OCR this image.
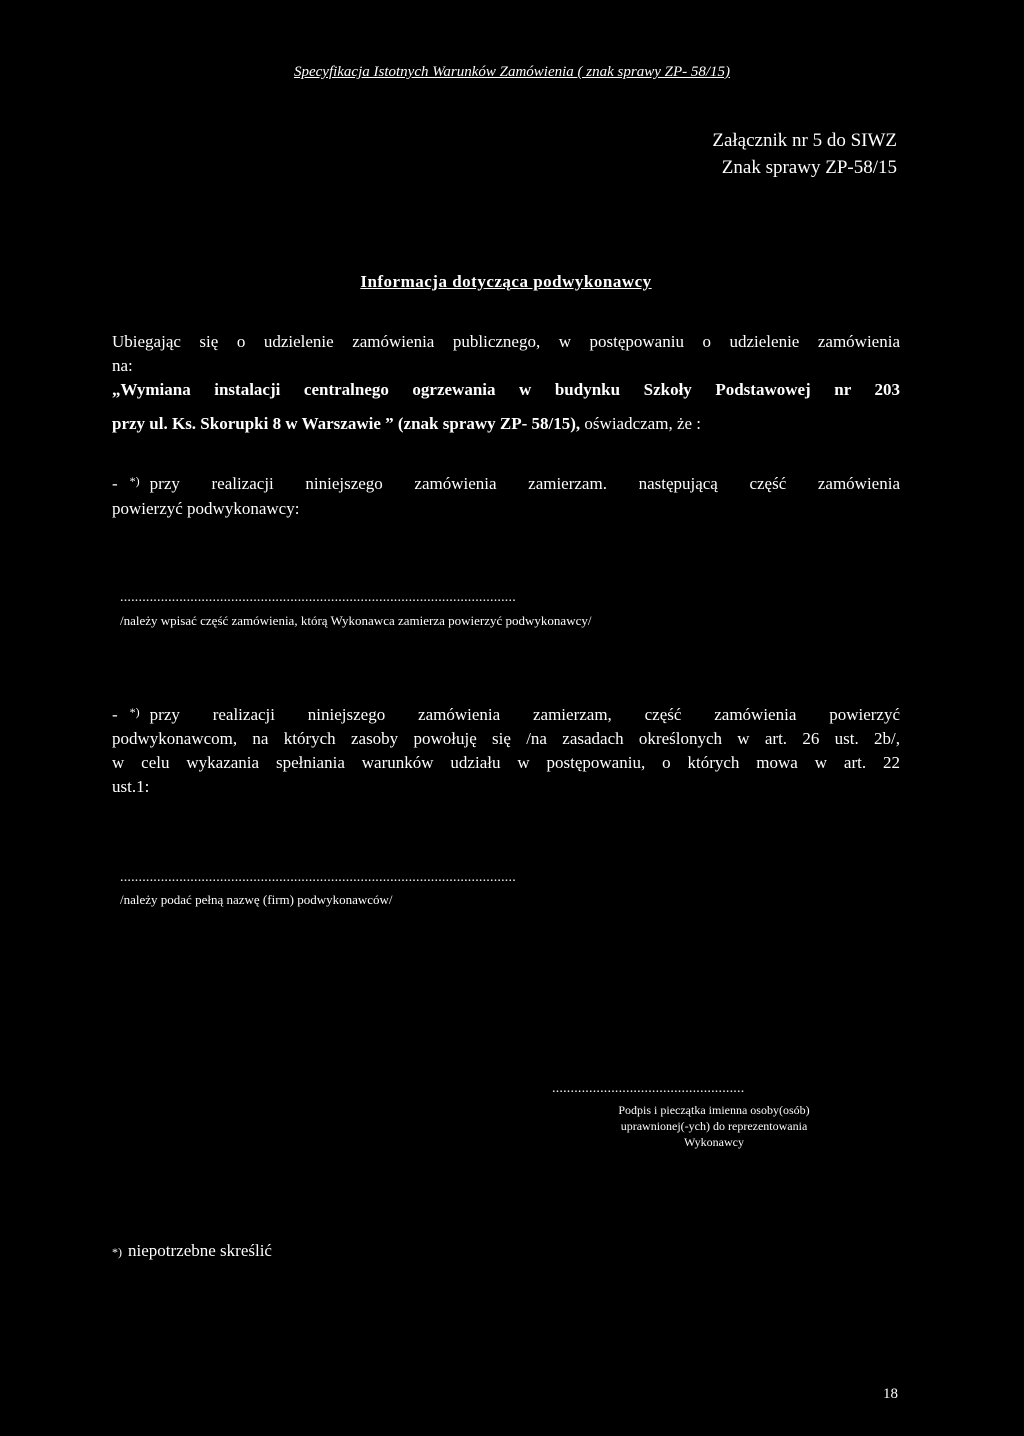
Specyfikacja Istotnych Warunków Zamówienia ( znak sprawy ZP- 58/15)
Załącznik nr 5 do SIWZ
Znak sprawy ZP-58/15
Informacja dotycząca podwykonawcy
Ubiegając się o udzielenie zamówienia publicznego, w postępowaniu o udzielenie zamówienia
na:
„Wymiana instalacji centralnego ogrzewania w budynku Szkoły Podstawowej nr 203
przy ul. Ks. Skorupki 8 w Warszawie ” (znak sprawy ZP- 58/15), oświadczam, że :
- *) przy realizacji niniejszego zamówienia zamierzam. następującą część zamówienia
powierzyć podwykonawcy:
...........................................................................................................
/należy wpisać część zamówienia, którą Wykonawca zamierza powierzyć podwykonawcy/
- *) przy realizacji niniejszego zamówienia zamierzam, część zamówienia powierzyć
podwykonawcom, na których zasoby powołuję się /na zasadach określonych w art. 26 ust. 2b/,
w celu wykazania spełniania warunków udziału w postępowaniu, o których mowa w art. 22
ust.1:
...........................................................................................................
/należy podać pełną nazwę (firm) podwykonawców/
....................................................
Podpis i pieczątka imienna osoby(osób)
uprawnionej(-ych) do reprezentowania
Wykonawcy
*) niepotrzebne skreślić
18
